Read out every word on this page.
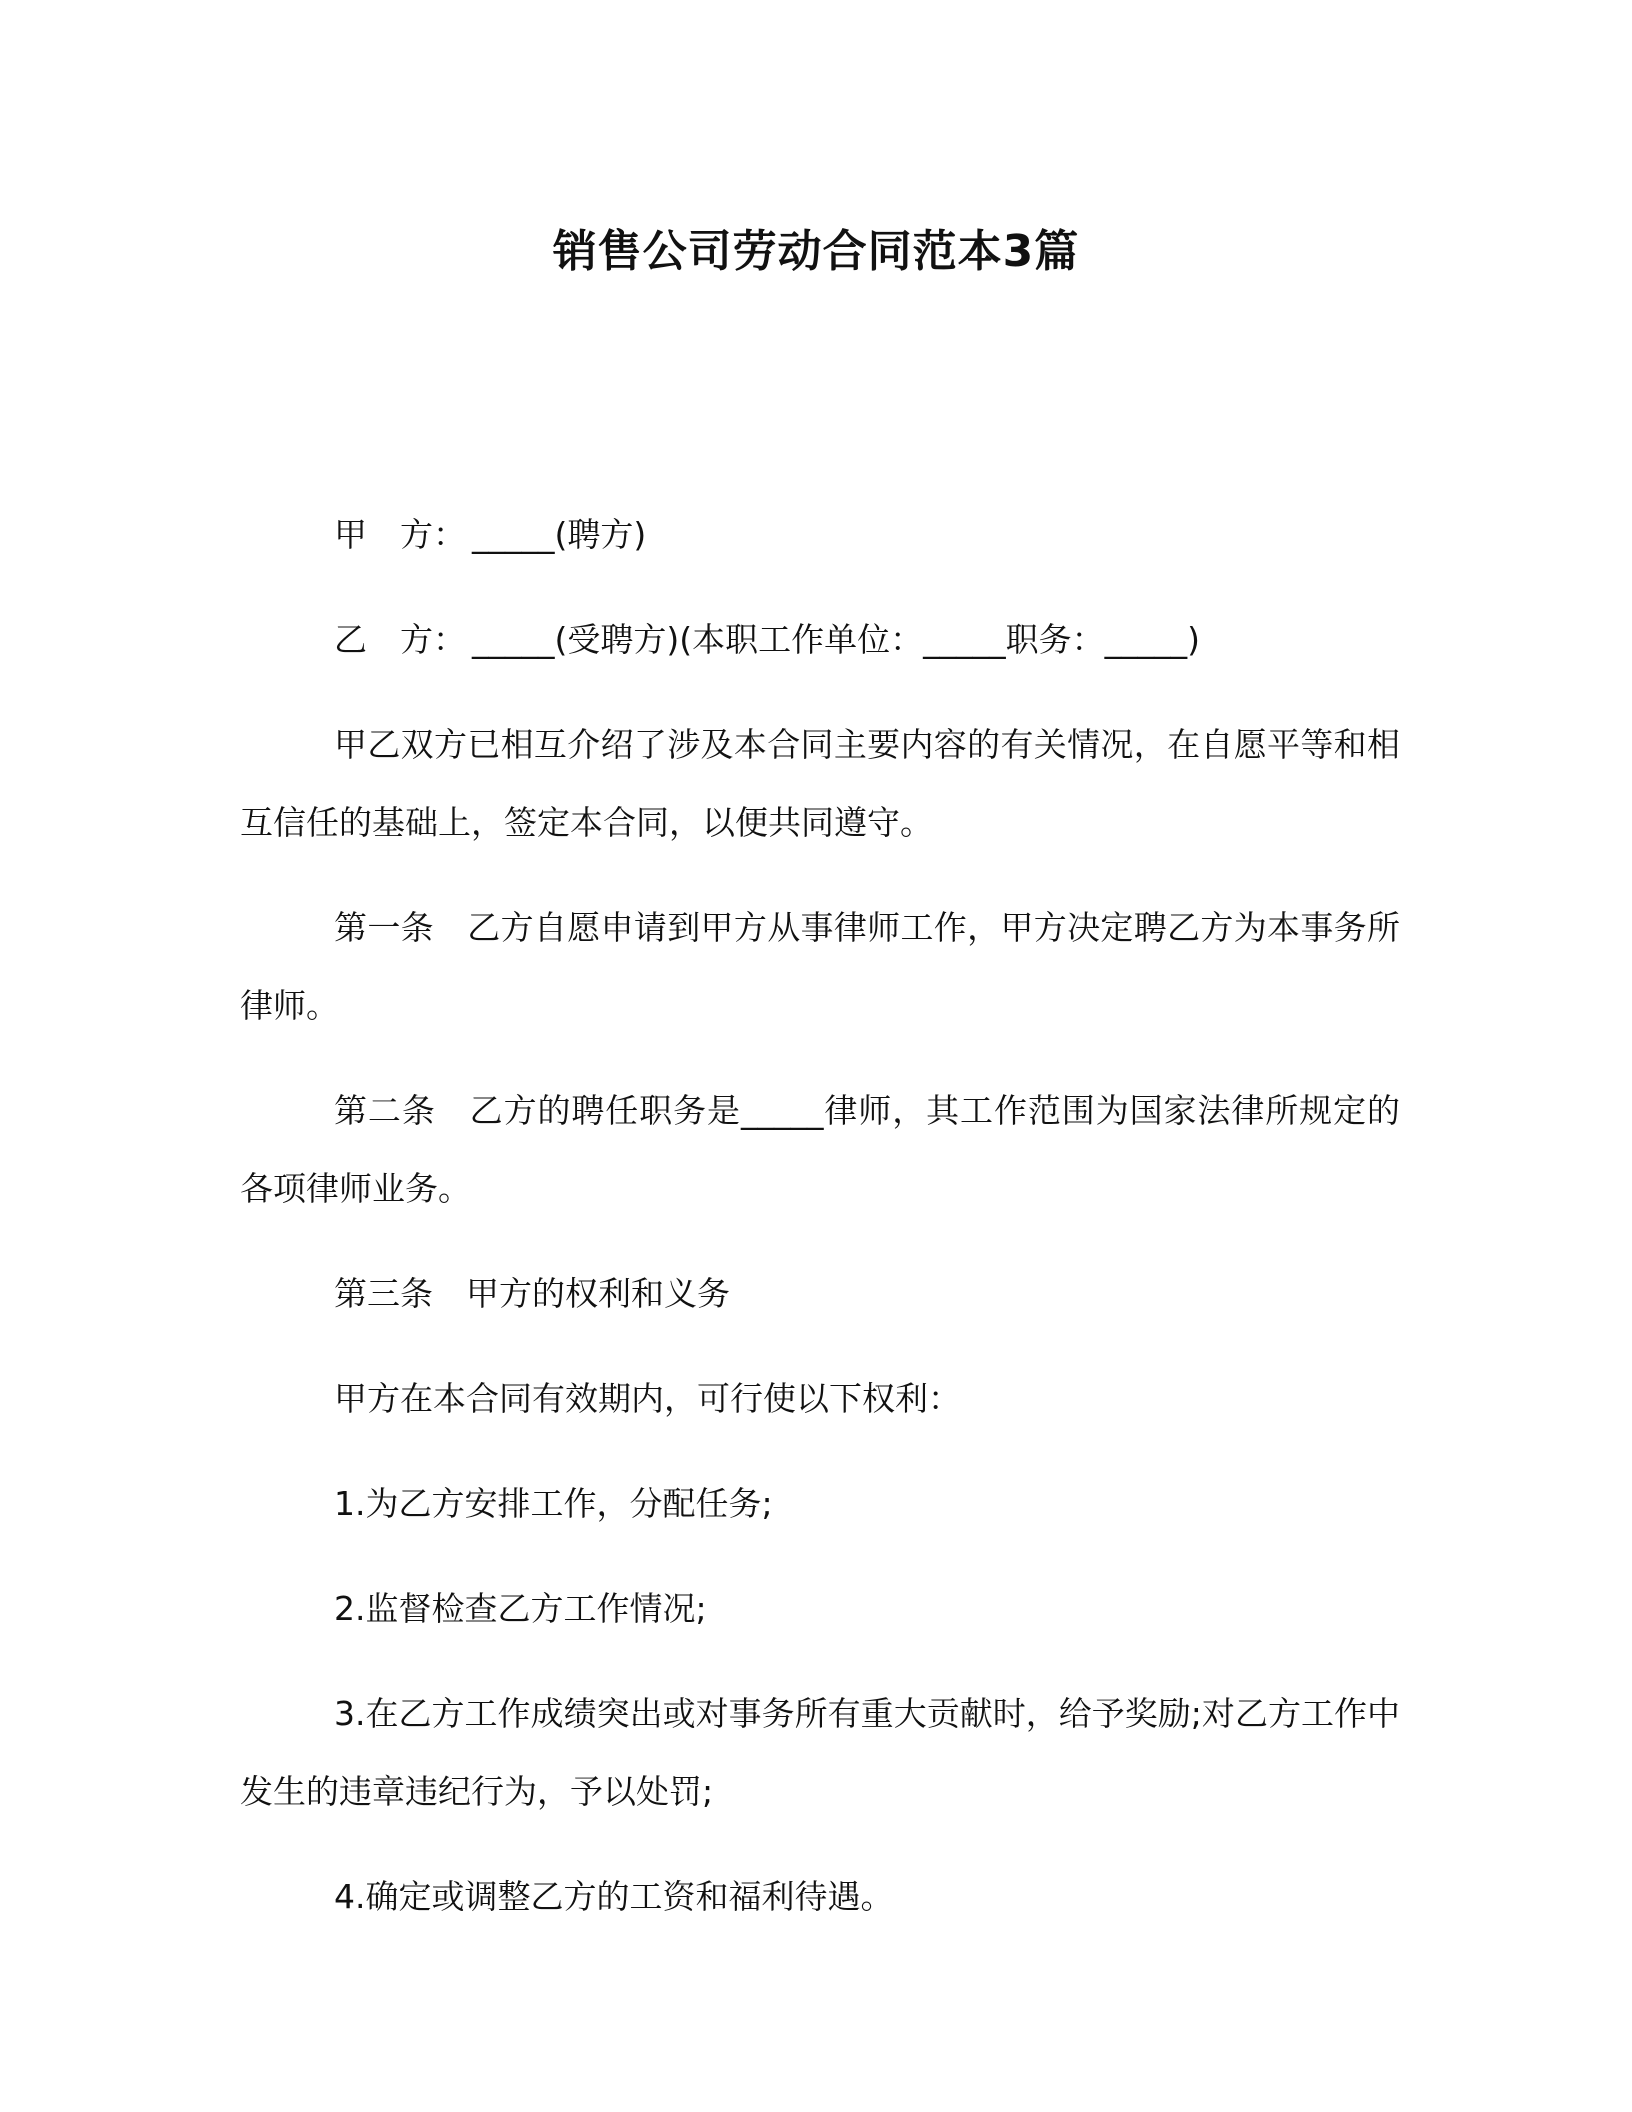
销售公司劳动合同范本3篇

甲　方： _____(聘方)

乙　方： _____(受聘方)(本职工作单位：_____职务：_____)

甲乙双方已相互介绍了涉及本合同主要内容的有关情况，在自愿平等和相互信任的基础上，签定本合同，以便共同遵守。

第一条　乙方自愿申请到甲方从事律师工作，甲方决定聘乙方为本事务所律师。

第二条　乙方的聘任职务是_____律师，其工作范围为国家法律所规定的各项律师业务。

第三条　甲方的权利和义务

甲方在本合同有效期内，可行使以下权利：

1.为乙方安排工作，分配任务;

2.监督检查乙方工作情况;

3.在乙方工作成绩突出或对事务所有重大贡献时，给予奖励;对乙方工作中发生的违章违纪行为，予以处罚;

4.确定或调整乙方的工资和福利待遇。
